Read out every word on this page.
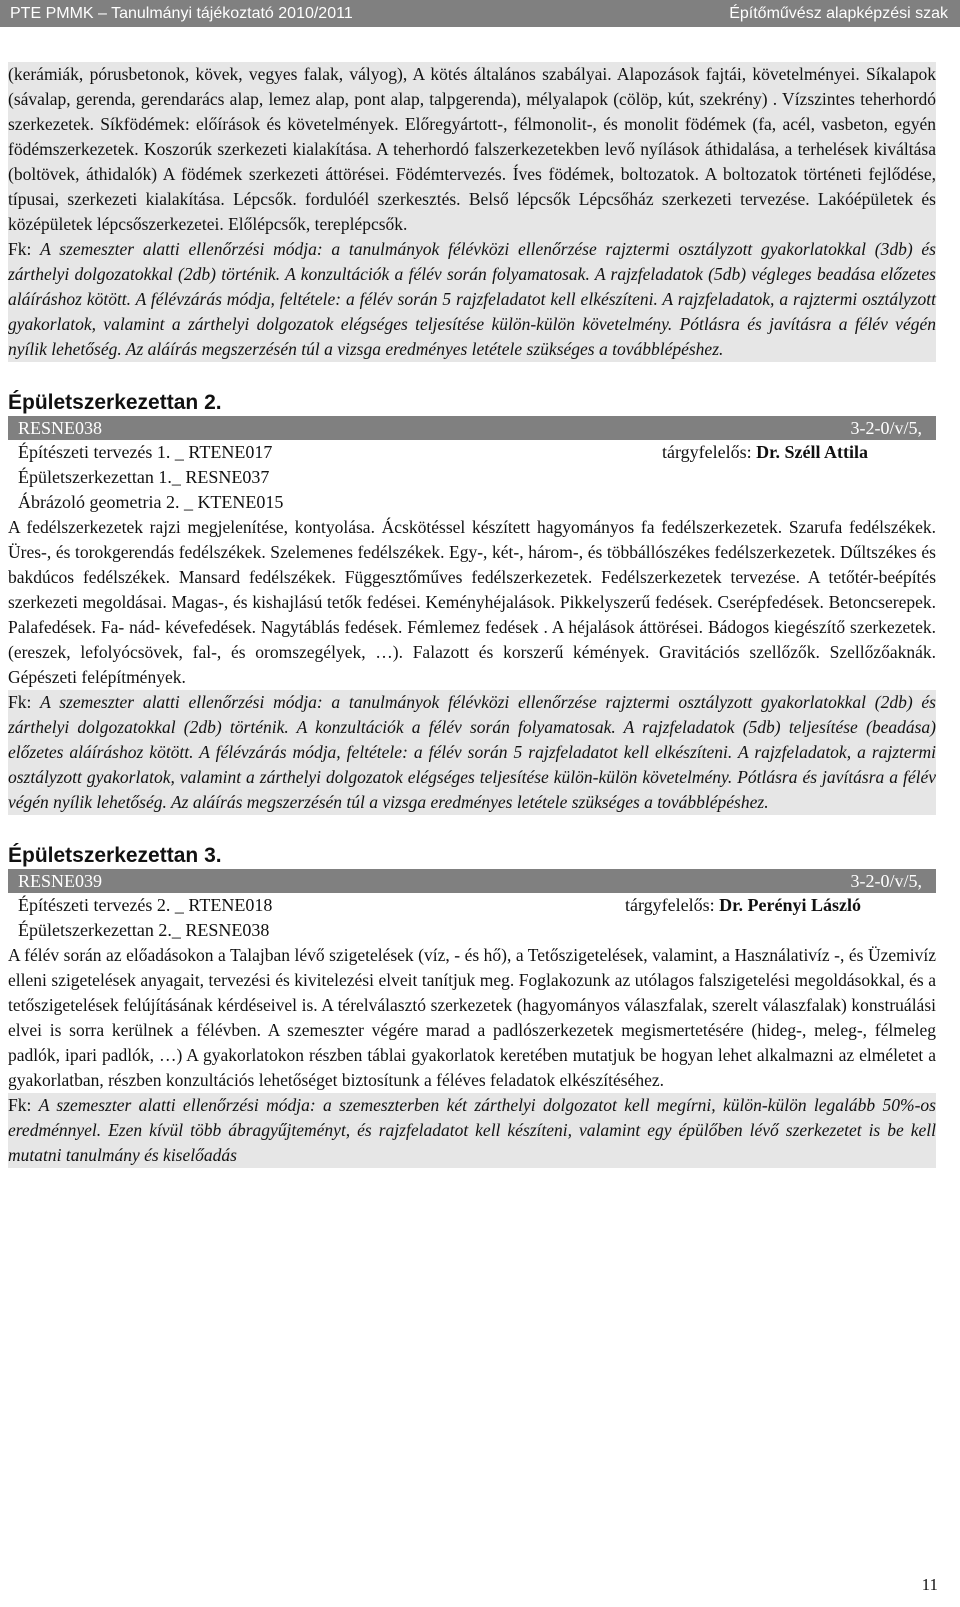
PTE PMMK – Tanulmányi tájékoztató 2010/2011	Építőművész alapképzési szak

(kerámiák, pórusbetonok, kövek, vegyes falak, vályog), A kötés általános szabályai. Alapozások fajtái, követelményei. Síkalapok (sávalap, gerenda, gerendarács alap, lemez alap, pont alap, talpgerenda), mélyalapok (cölöp, kút, szekrény) . Vízszintes teherhordó szerkezetek. Síkfödémek: előírások és követelmények. Előregyártott-, félmonolit-, és monolit födémek (fa, acél, vasbeton, egyén födémszerkezetek. Koszorúk szerkezeti kialakítása. A teherhordó falszerkezetekben levő nyílások áthidalása, a terhelések kiváltása (boltövek, áthidalók) A födémek szerkezeti áttörései. Födémtervezés. Íves födémek, boltozatok. A boltozatok történeti fejlődése, típusai, szerkezeti kialakítása. Lépcsők. fordulóél szerkesztés. Belső lépcsők Lépcsőház szerkezeti tervezése. Lakóépületek és középületek lépcsőszerkezetei. Előlépcsők, tereplépcsők.

Fk: A szemeszter alatti ellenőrzési módja: a tanulmányok félévközi ellenőrzése rajztermi osztályzott gyakorlatokkal (3db) és zárthelyi dolgozatokkal (2db) történik. A konzultációk a félév során folyamatosak. A rajzfeladatok (5db) végleges beadása előzetes aláíráshoz kötött. A félévzárás módja, feltétele: a félév során 5 rajzfeladatot kell elkészíteni. A rajzfeladatok, a rajztermi osztályzott gyakorlatok, valamint a zárthelyi dolgozatok elégséges teljesítése külön-külön követelmény. Pótlásra és javításra a félév végén nyílik lehetőség. Az aláírás megszerzésén túl a vizsga eredményes letétele szükséges a továbblépéshez.

Épületszerkezettan 2.
RESNE038	3-2-0/v/5,
Építészeti tervezés 1. _ RTENE017	tárgyfelelős: Dr. Széll Attila
Épületszerkezettan 1._ RESNE037
Ábrázoló geometria 2. _ KTENE015

A fedélszerkezetek rajzi megjelenítése, kontyolása. Ácskötéssel készített hagyományos fa fedélszerkezetek. Szarufa fedélszékek. Üres-, és torokgerendás fedélszékek. Szelemenes fedélszékek. Egy-, két-, három-, és többállószékes fedélszerkezetek. Dűltszékes és bakdúcos fedélszékek. Mansard fedélszékek. Függesztőműves fedélszerkezetek. Fedélszerkezetek tervezése. A tetőtér-beépítés szerkezeti megoldásai. Magas-, és kishajlású tetők fedései. Keményhéjalások. Pikkelyszerű fedések. Cserépfedések. Betoncserepek. Palafedések. Fa- nád- kévefedések. Nagytáblás fedések. Fémlemez fedések . A héjalások áttörései. Bádogos kiegészítő szerkezetek. (ereszek, lefolyócsövek, fal-, és oromszegélyek, …). Falazott és korszerű kémények. Gravitációs szellőzők. Szellőzőaknák. Gépészeti felépítmények.

Fk: A szemeszter alatti ellenőrzési módja: a tanulmányok félévközi ellenőrzése rajztermi osztályzott gyakorlatokkal (2db) és zárthelyi dolgozatokkal (2db) történik. A konzultációk a félév során folyamatosak. A rajzfeladatok (5db) teljesítése (beadása) előzetes aláíráshoz kötött. A félévzárás módja, feltétele: a félév során 5 rajzfeladatot kell elkészíteni. A rajzfeladatok, a rajztermi osztályzott gyakorlatok, valamint a zárthelyi dolgozatok elégséges teljesítése külön-külön követelmény. Pótlásra és javításra a félév végén nyílik lehetőség. Az aláírás megszerzésén túl a vizsga eredményes letétele szükséges a továbblépéshez.

Épületszerkezettan 3.
RESNE039	3-2-0/v/5,
Építészeti tervezés 2. _ RTENE018	tárgyfelelős: Dr. Perényi László
Épületszerkezettan 2._ RESNE038

A félév során az előadásokon a Talajban lévő szigetelések (víz, - és hő), a Tetőszigetelések, valamint, a Használativíz -, és Üzemivíz elleni szigetelések anyagait, tervezési és kivitelezési elveit tanítjuk meg. Foglakozunk az utólagos falszigetelési megoldásokkal, és a tetőszigetelések felújításának kérdéseivel is. A térelválasztó szerkezetek (hagyományos válaszfalak, szerelt válaszfalak) konstruálási elvei is sorra kerülnek a félévben. A szemeszter végére marad a padlószerkezetek megismertetésére (hideg-, meleg-, félmeleg padlók, ipari padlók, …) A gyakorlatokon részben táblai gyakorlatok keretében mutatjuk be hogyan lehet alkalmazni az elméletet a gyakorlatban, részben konzultációs lehetőséget biztosítunk a féléves feladatok elkészítéséhez.

Fk: A szemeszter alatti ellenőrzési módja: a szemeszterben két zárthelyi dolgozatot kell megírni, külön-külön legalább 50%-os eredménnyel. Ezen kívül több ábragyűjteményt, és rajzfeladatot kell készíteni, valamint egy épülőben lévő szerkezetet is be kell mutatni tanulmány és kiselőadás

11
